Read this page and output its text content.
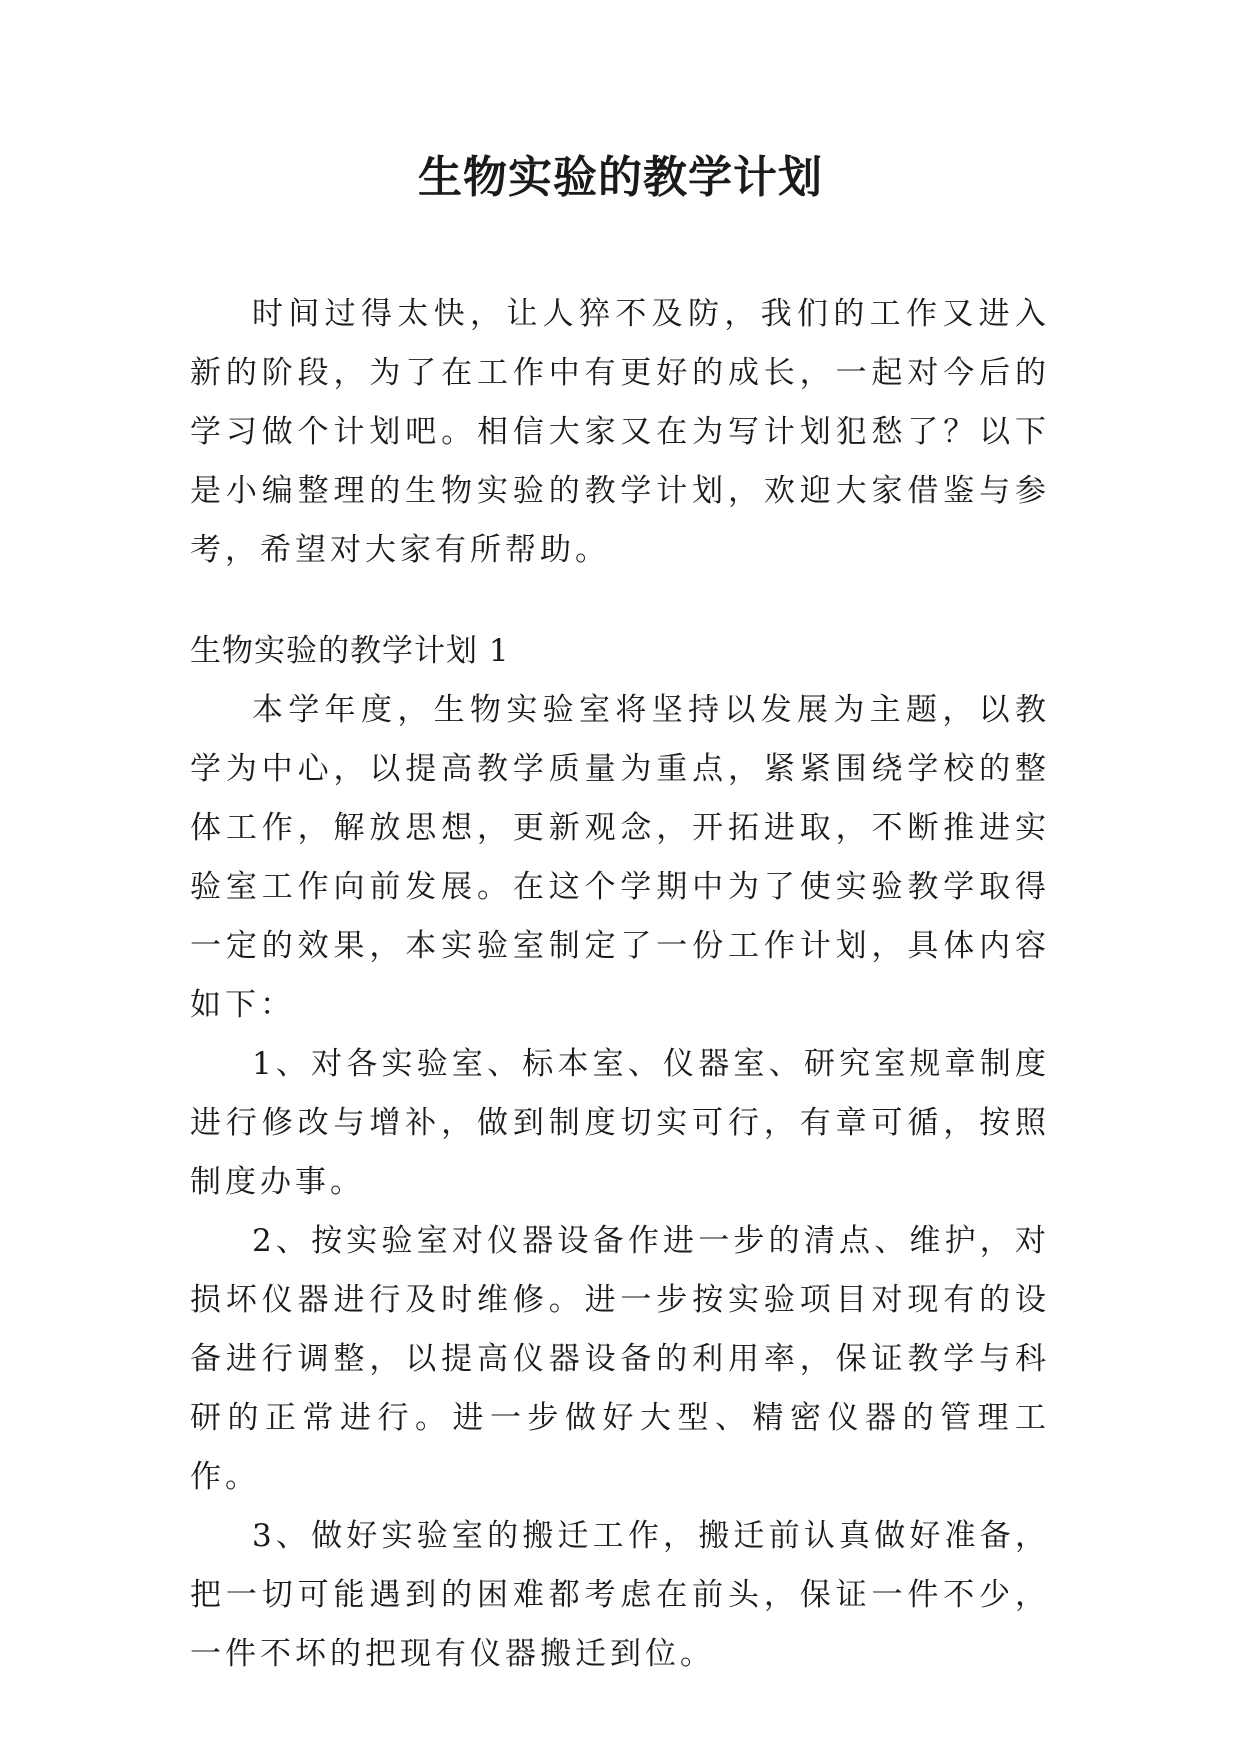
生物实验的教学计划

时间过得太快，让人猝不及防，我们的工作又进入新的阶段，为了在工作中有更好的成长，一起对今后的学习做个计划吧。相信大家又在为写计划犯愁了？以下是小编整理的生物实验的教学计划，欢迎大家借鉴与参考，希望对大家有所帮助。

生物实验的教学计划 1

本学年度，生物实验室将坚持以发展为主题，以教学为中心，以提高教学质量为重点，紧紧围绕学校的整体工作，解放思想，更新观念，开拓进取，不断推进实验室工作向前发展。在这个学期中为了使实验教学取得一定的效果，本实验室制定了一份工作计划，具体内容如下：

1、对各实验室、标本室、仪器室、研究室规章制度进行修改与增补，做到制度切实可行，有章可循，按照制度办事。

2、按实验室对仪器设备作进一步的清点、维护，对损坏仪器进行及时维修。进一步按实验项目对现有的设备进行调整，以提高仪器设备的利用率，保证教学与科研的正常进行。进一步做好大型、精密仪器的管理工作。

3、做好实验室的搬迁工作，搬迁前认真做好准备，把一切可能遇到的困难都考虑在前头，保证一件不少，一件不坏的把现有仪器搬迁到位。
